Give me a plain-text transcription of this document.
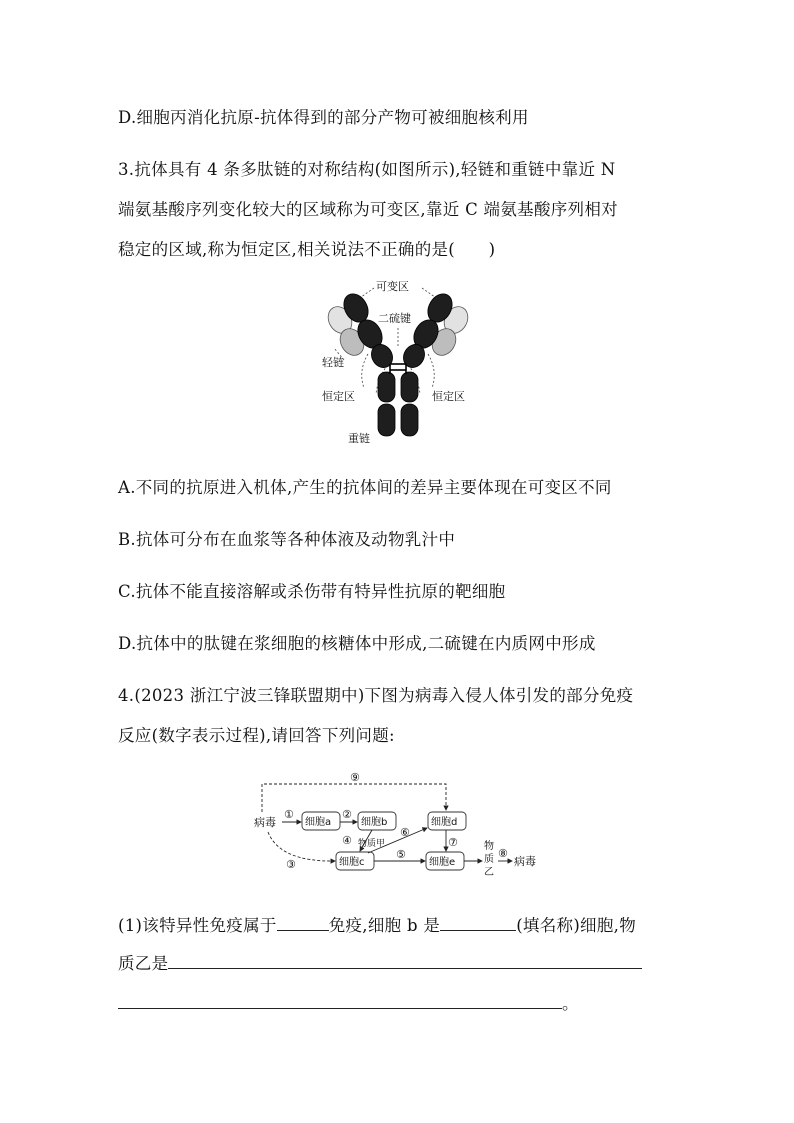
D.细胞丙消化抗原-抗体得到的部分产物可被细胞核利用
3.抗体具有 4 条多肽链的对称结构(如图所示),轻链和重链中靠近 N
端氨基酸序列变化较大的区域称为可变区,靠近 C 端氨基酸序列相对
稳定的区域,称为恒定区,相关说法不正确的是(　　)
可变区
二硫键
轻链
恒定区	恒定区
重链
A.不同的抗原进入机体,产生的抗体间的差异主要体现在可变区不同
B.抗体可分布在血浆等各种体液及动物乳汁中
C.抗体不能直接溶解或杀伤带有特异性抗原的靶细胞
D.抗体中的肽键在浆细胞的核糖体中形成,二硫键在内质网中形成
4.(2023 浙江宁波三锋联盟期中)下图为病毒入侵人体引发的部分免疫
反应(数字表示过程),请回答下列问题:
病毒	细胞a	细胞b	细胞d
细胞c	细胞e
物质甲	物
质
乙
病毒
①	②
③
④
⑤
⑥
⑦
⑧
⑨
(1)该特异性免疫属于	免疫,细胞 b 是	(填名称)细胞,物
质乙是
。
